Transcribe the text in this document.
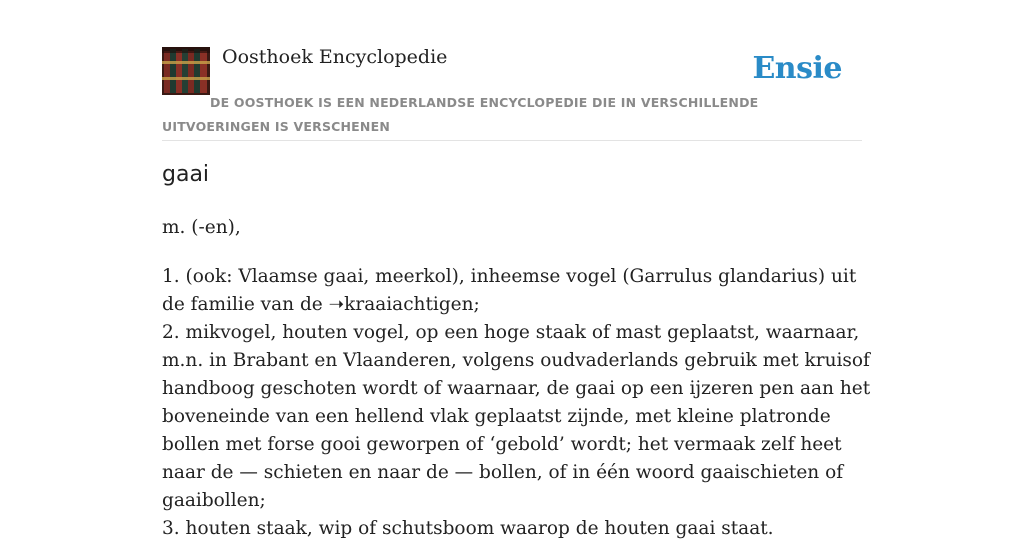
Oosthoek Encyclopedie	Ensie
DE OOSTHOEK IS EEN NEDERLANDSE ENCYCLOPEDIE DIE IN VERSCHILLENDE UITVOERINGEN IS VERSCHENEN
gaai

m. (-en),

1. (ook: Vlaamse gaai, meerkol), inheemse vogel (Garrulus glandarius) uit de familie van de ➝kraaiachtigen;
2. mikvogel, houten vogel, op een hoge staak of mast geplaatst, waarnaar, m.n. in Brabant en Vlaanderen, volgens oudvaderlands gebruik met kruisof handboog geschoten wordt of waarnaar, de gaai op een ijzeren pen aan het boveneinde van een hellend vlak geplaatst zijnde, met kleine platronde bollen met forse gooi geworpen of ‘gebold’ wordt; het vermaak zelf heet naar de — schieten en naar de — bollen, of in één woord gaaischieten of gaaibollen;
3. houten staak, wip of schutsboom waarop de houten gaai staat.
